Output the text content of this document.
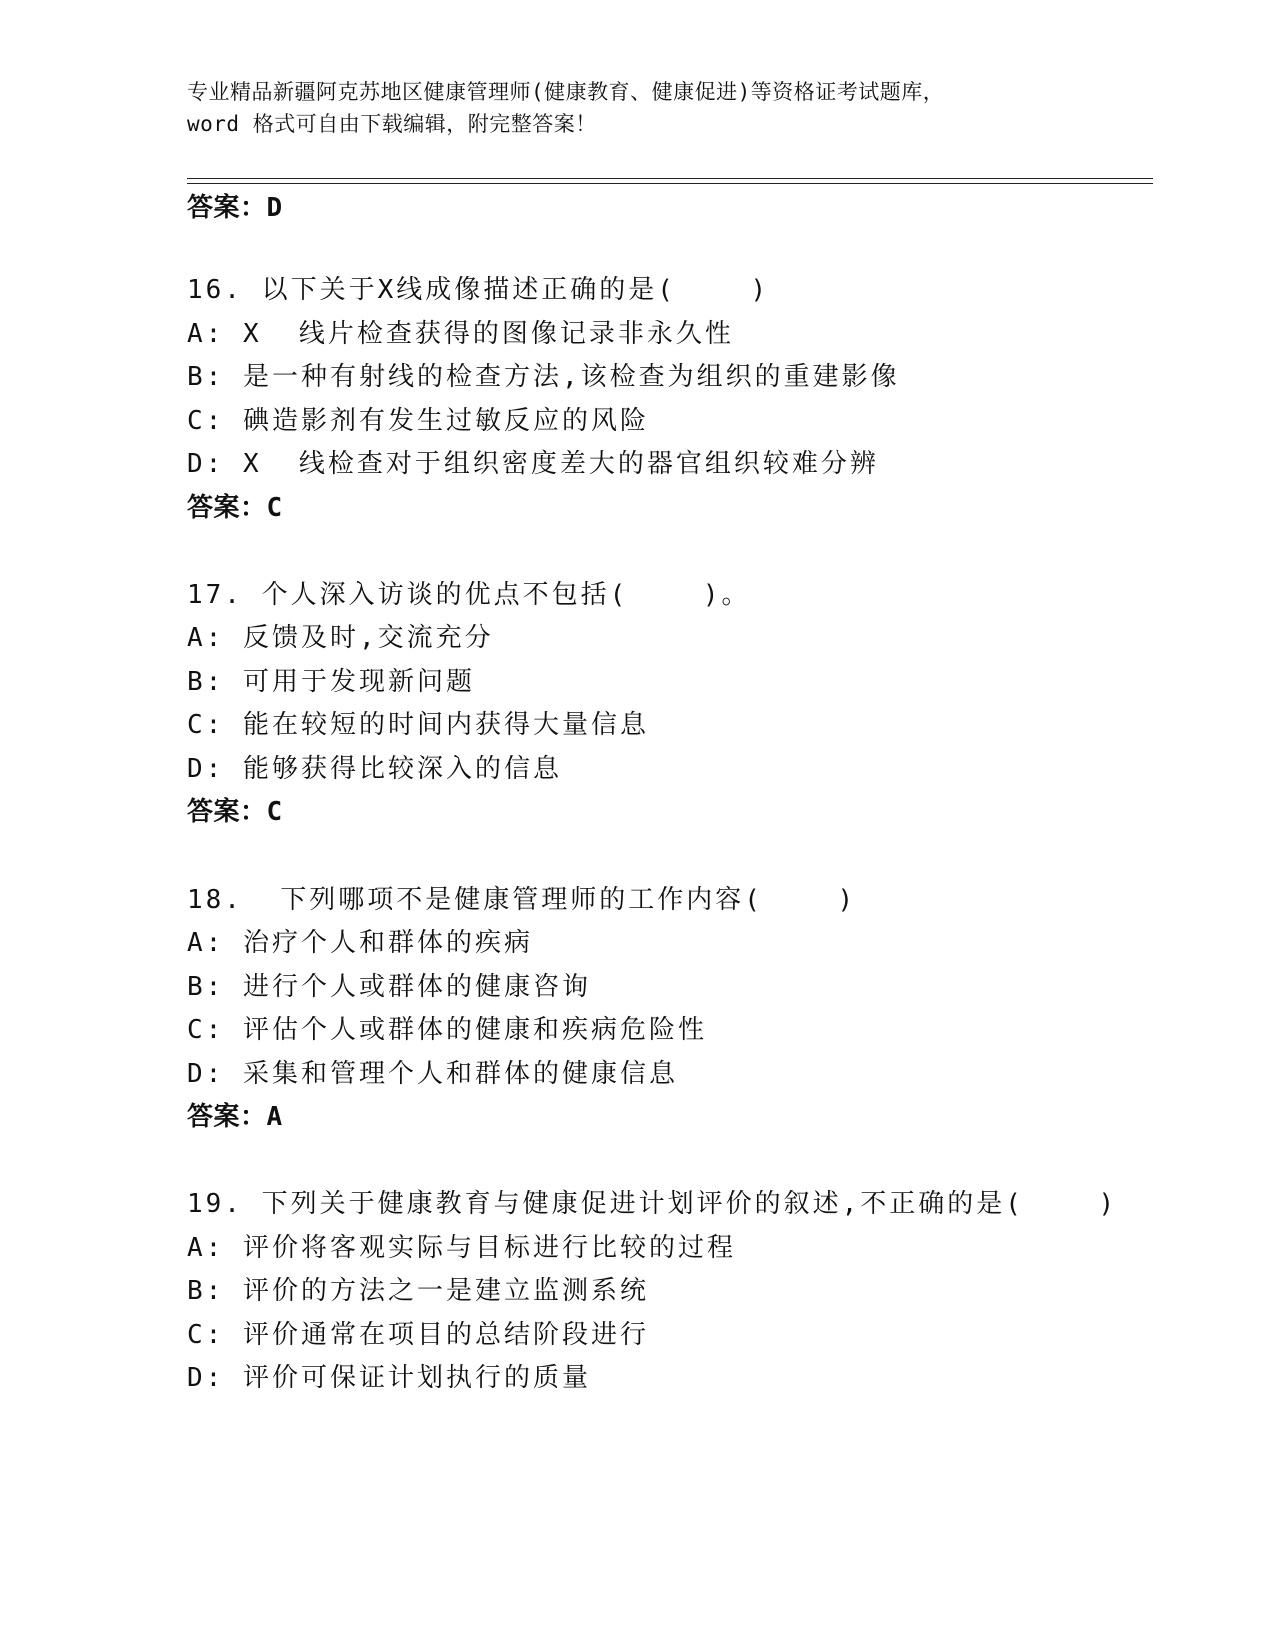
专业精品新疆阿克苏地区健康管理师(健康教育、健康促进)等资格证考试题库，
word 格式可自由下载编辑，附完整答案！
答案：D
16. 以下关于X线成像描述正确的是(    )
A: X  线片检查获得的图像记录非永久性
B: 是一种有射线的检查方法,该检查为组织的重建影像
C: 碘造影剂有发生过敏反应的风险
D: X  线检查对于组织密度差大的器官组织较难分辨
答案：C
17. 个人深入访谈的优点不包括(    )。
A: 反馈及时,交流充分
B: 可用于发现新问题
C: 能在较短的时间内获得大量信息
D: 能够获得比较深入的信息
答案：C
18.  下列哪项不是健康管理师的工作内容(    )
A: 治疗个人和群体的疾病
B: 进行个人或群体的健康咨询
C: 评估个人或群体的健康和疾病危险性
D: 采集和管理个人和群体的健康信息
答案：A
19. 下列关于健康教育与健康促进计划评价的叙述,不正确的是(    )
A: 评价将客观实际与目标进行比较的过程
B: 评价的方法之一是建立监测系统
C: 评价通常在项目的总结阶段进行
D: 评价可保证计划执行的质量
